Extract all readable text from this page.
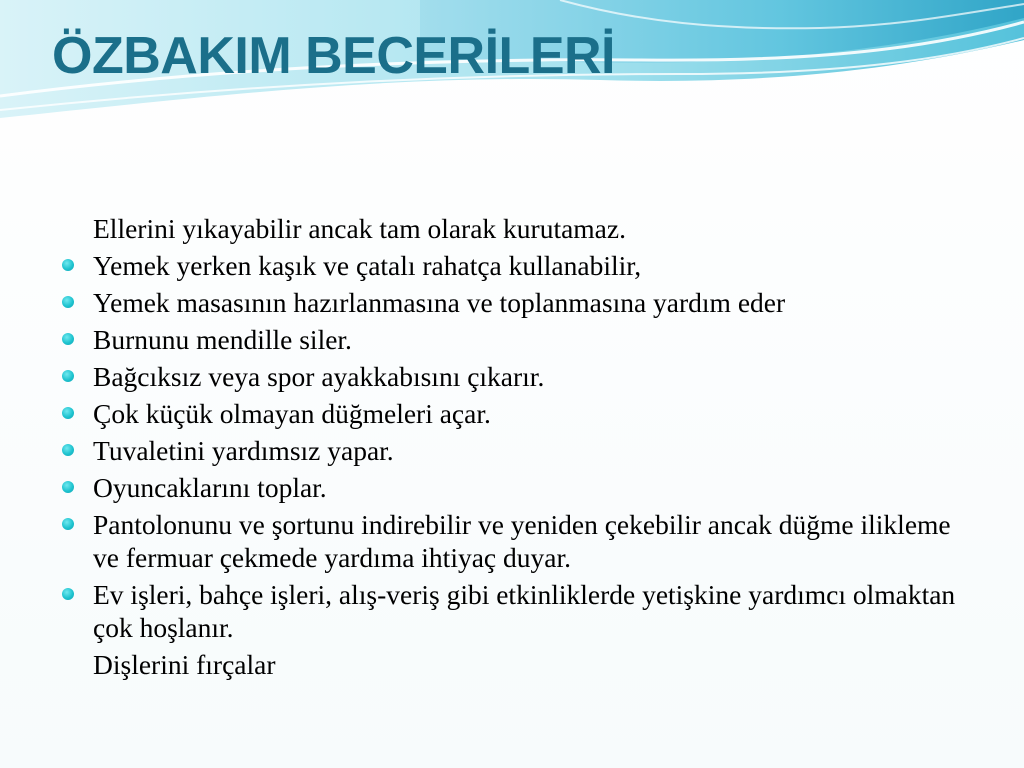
ÖZBAKIM BECERİLERİ
Ellerini yıkayabilir ancak tam olarak kurutamaz.
Yemek yerken kaşık ve çatalı rahatça kullanabilir,
Yemek masasının hazırlanmasına ve toplanmasına yardım eder
Burnunu mendille siler.
Bağcıksız veya spor ayakkabısını çıkarır.
Çok küçük olmayan düğmeleri açar.
Tuvaletini yardımsız yapar.
Oyuncaklarını toplar.
Pantolonunu ve şortunu indirebilir ve yeniden çekebilir ancak düğme ilikleme ve fermuar çekmede yardıma ihtiyaç duyar.
Ev işleri, bahçe işleri, alış-veriş gibi etkinliklerde yetişkine yardımcı olmaktan çok hoşlanır.
Dişlerini fırçalar
